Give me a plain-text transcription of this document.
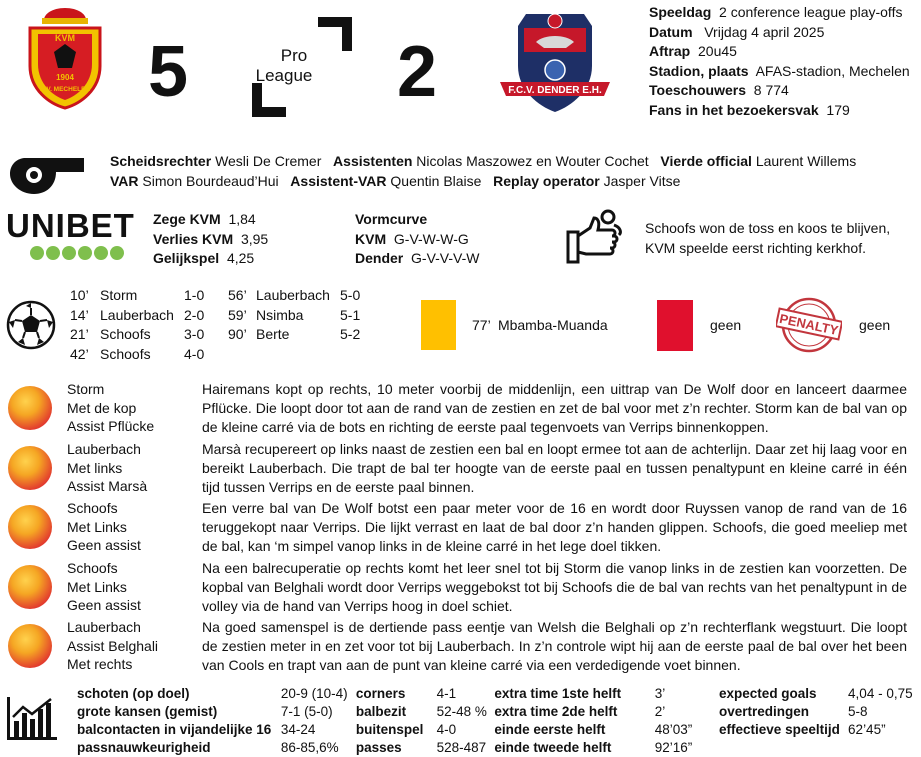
KVM
1904
K.V. MECHELEN 5	Pro
League 2	F.C.V. DENDER E.H.
Speeldag 2 conference league play-offs
Datum Vrijdag 4 april 2025
Aftrap 20u45
Stadion, plaats AFAS-stadion, Mechelen
Toeschouwers 8 774
Fans in het bezoekersvak 179
Scheidsrechter Wesli De Cremer Assistenten Nicolas Maszowez en Wouter Cochet Vierde official Laurent Willems
VAR Simon Bourdeaud’Hui Assistent-VAR Quentin Blaise Replay operator Jasper Vitse
UNIBET Zege KVM 1,84
Verlies KVM 3,95
Gelijkspel 4,25
Vormcurve
KVM G-V-W-W-G
Dender G-V-V-V-W
Schoofs won de toss en koos te blijven,
KVM speelde eerst richting kerkhof.
10’ Storm	1-0
14’ Lauberbach 2-0
21’ Schoofs 3-0
42’ Schoofs 4-0
56’ Lauberbach 5-0
59’ Nsimba	5-1
90’ Berte	5-2
77’  Mbamba-Muanda	geen	PENALTY geen
Storm
Met de kop
Assist Pflücke
Hairemans kopt op rechts, 10 meter voorbij de middenlijn, een uittrap van De Wolf door en lanceert daarmee Pflücke. Die loopt door tot aan de rand van de zestien en zet de bal voor met z’n rechter. Storm kan de bal van op de kleine carré via de bots en richting de eerste paal tegenvoets van Verrips binnenkoppen.
Lauberbach
Met links
Assist Marsà
Marsà recupereert op links naast de zestien een bal en loopt ermee tot aan de achterlijn. Daar zet hij laag voor en bereikt Lauberbach. Die trapt de bal ter hoogte van de eerste paal en tussen penaltypunt en kleine carré in één tijd tussen Verrips en de eerste paal binnen.
Schoofs
Met Links
Geen assist
Een verre bal van De Wolf botst een paar meter voor de 16 en wordt door Ruyssen vanop de rand van de 16 teruggekopt naar Verrips. Die lijkt verrast en laat de bal door z’n handen glippen. Schoofs, die goed meeliep met de bal, kan ‘m simpel vanop links in de kleine carré in het lege doel tikken.
Schoofs
Met Links
Geen assist
Na een balrecuperatie op rechts komt het leer snel tot bij Storm die vanop links in de zestien kan voorzetten. De kopbal van Belghali wordt door Verrips weggebokst tot bij Schoofs die de bal van rechts van het penaltypunt in de volley via de hand van Verrips hoog in doel schiet.
Lauberbach
Assist Belghali
Met rechts
Na goed samenspel is de dertiende pass eentje van Welsh die Belghali op z’n rechterflank wegstuurt. Die loopt de zestien meter in en zet voor tot bij Lauberbach. In z’n controle wipt hij aan de eerste paal de bal over het been van Cools en trapt van aan de punt van kleine carré via een verdedigende voet binnen.
schoten (op doel)	20-9 (10-4)	corners	4-1	extra time 1ste helft	3’	expected goals	4,04 - 0,75
grote kansen (gemist)	7-1 (5-0)	balbezit	52-48 %	extra time 2de helft	2’	overtredingen	5-8
balcontacten in vijandelijke 16	34-24	buitenspel	4-0	einde eerste helft	48’03”	effectieve speeltijd	62’45”
passnauwkeurigheid	86-85,6%	passes	528-487	einde tweede helft	92’16”		
